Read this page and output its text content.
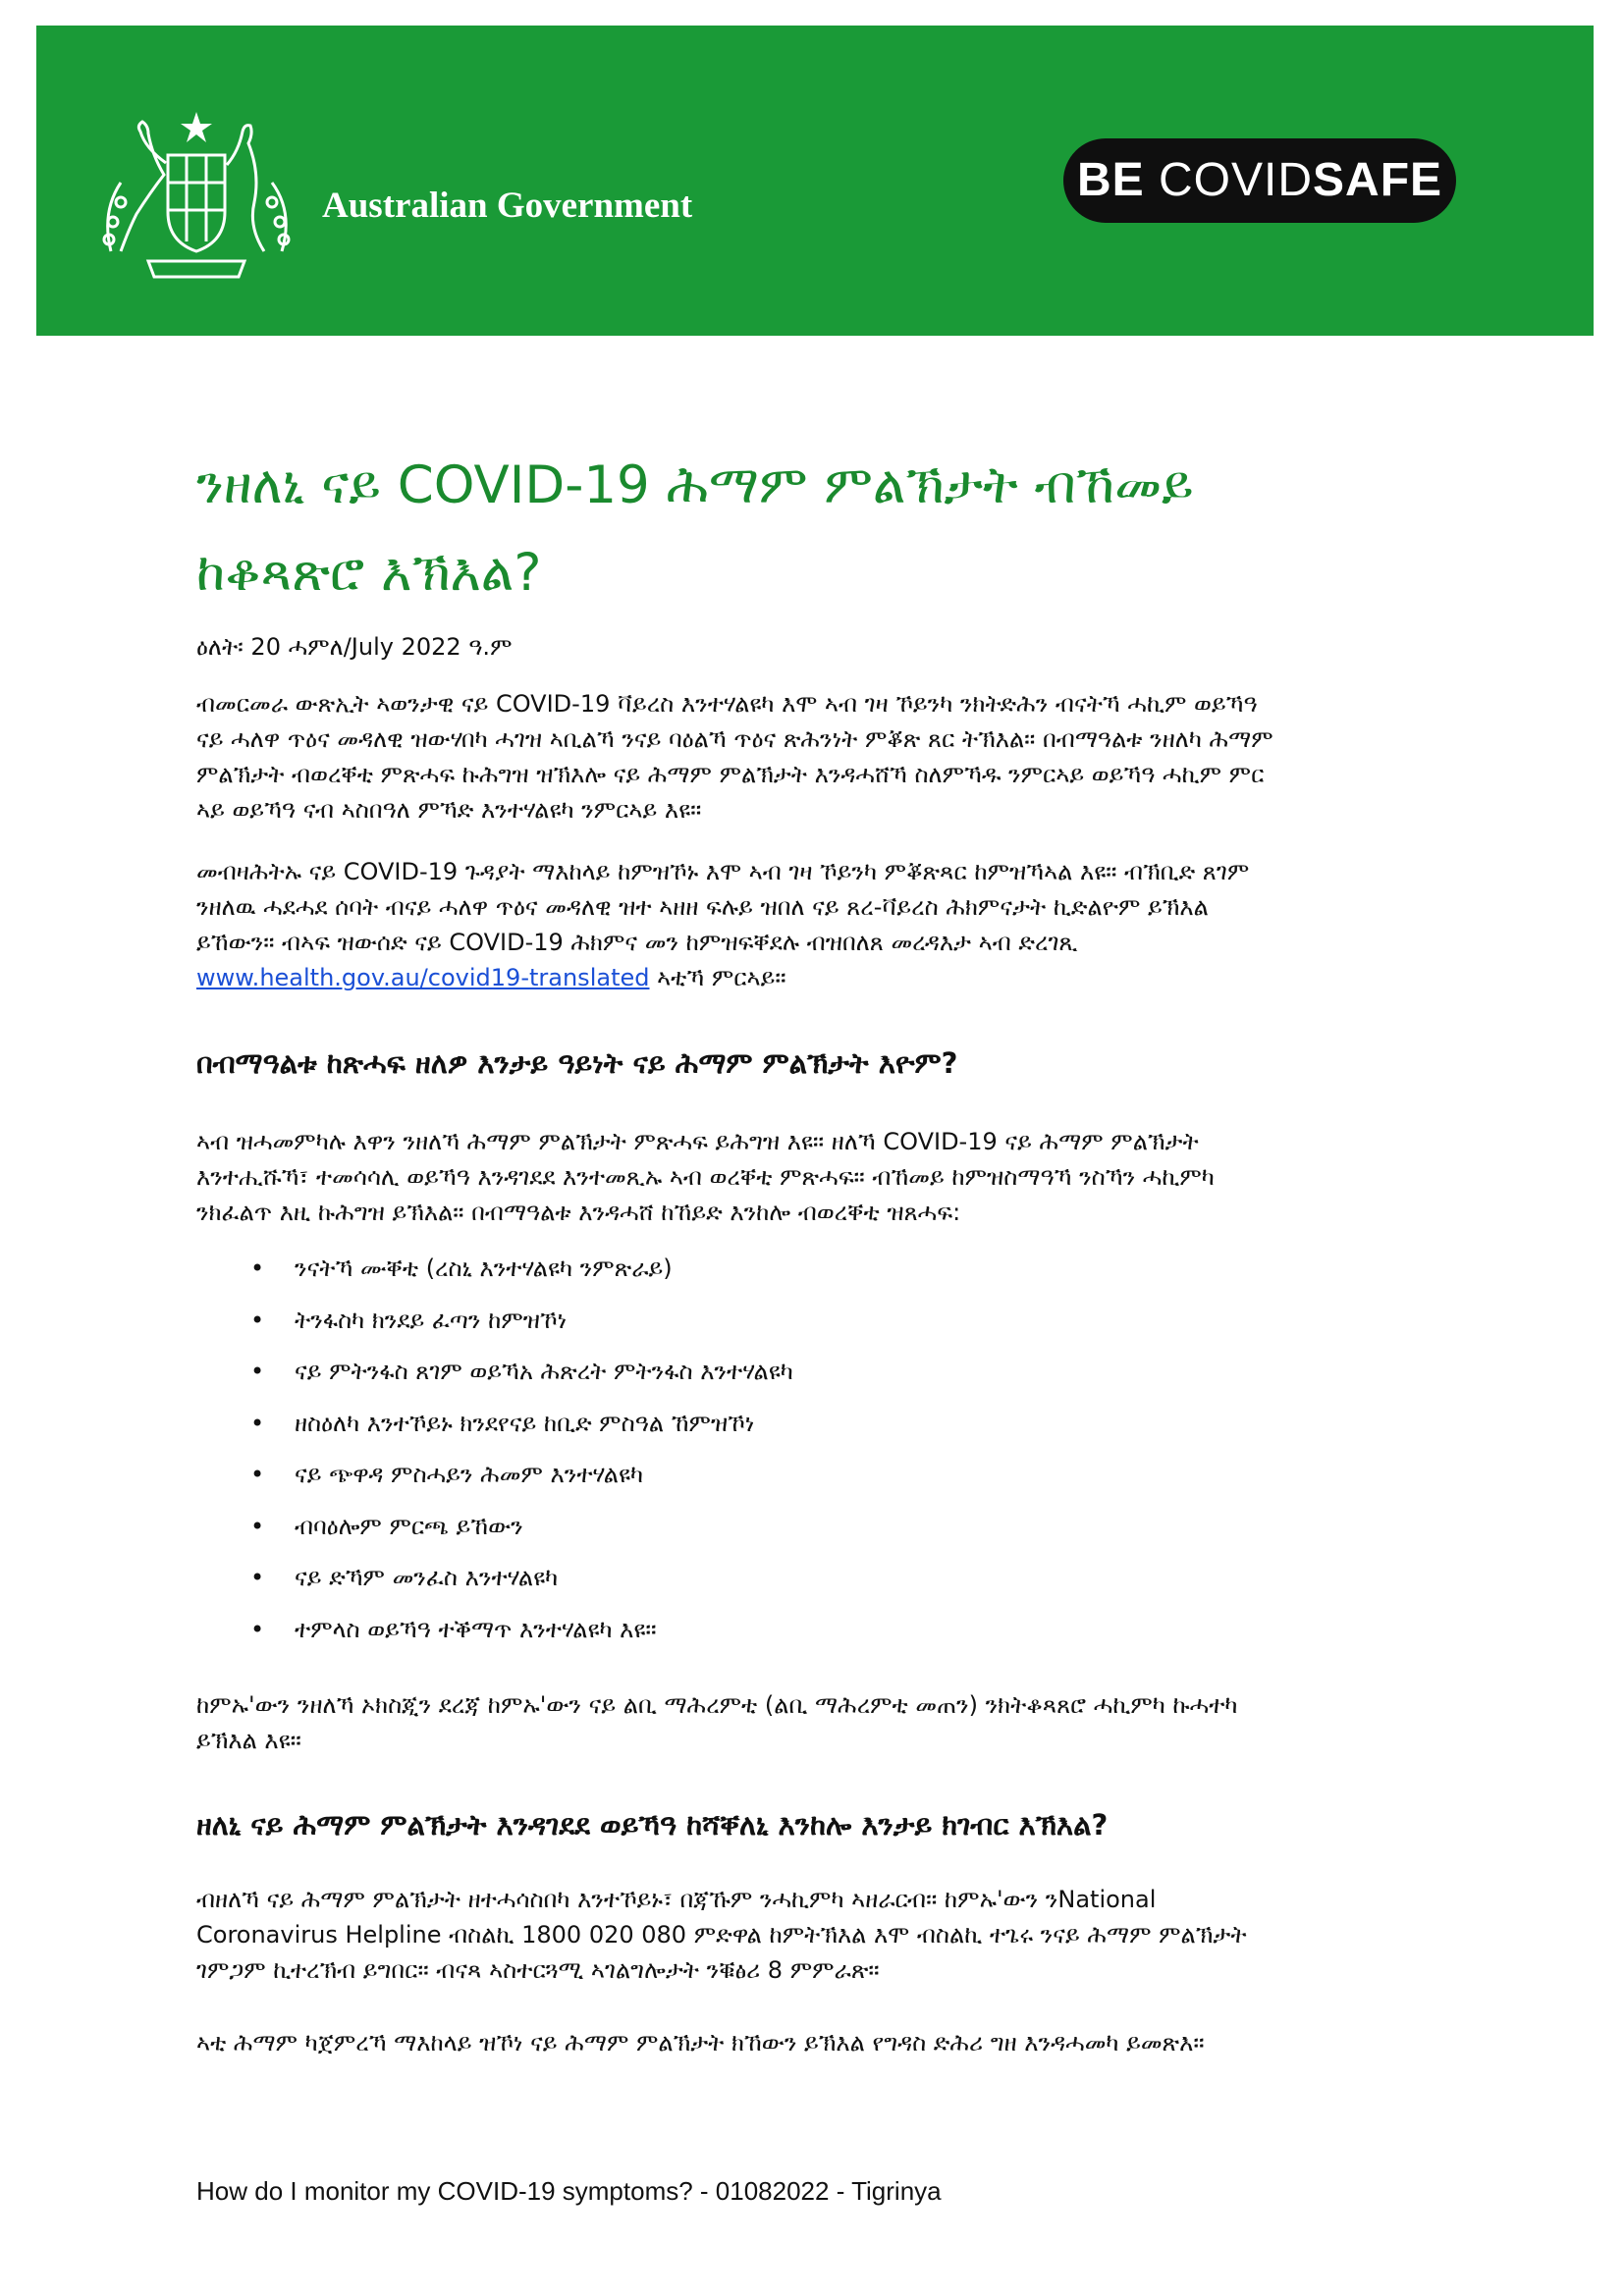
Australian Government	BE COVIDSAFE
ንዘለኒ ናይ COVID-19 ሕማም ምልኽታት ብኸመይ
ከቆጻጽሮ እኽእል?
ዕለት፡ 20 ሓምለ/July 2022 ዓ.ም
ብመርመራ ውጽኢት ኣወንታዊ ናይ COVID-19 ቫይረስ እንተሃልዩካ እሞ ኣብ ገዛ ኾይንካ ንክትድሕን ብናትኻ ሓኪም ወይኻዓ
ናይ ሓለዋ ጥዕና መዳለዊ ዝውሃበካ ሓገዝ ኣቢልኻ ንናይ ባዕልኻ ጥዕና ጽሕንነት ምቖጽ ጸር ትኽእል። በብማዓልቱ ንዘለካ ሕማም
ምልኽታት ብወረቐቲ ምጽሓፍ ኩሕግዝ ዝኽእሎ ናይ ሕማም ምልኽታት እንዳሓሸኻ ስለምኻዱ ንምርኣይ ወይኻዓ ሓኪም ምር
ኣይ ወይኻዓ ናብ ኣስበዓለ ምኻድ እንተሃልዩካ ንምርኣይ እዩ።
መብዛሕትኡ ናይ COVID-19 ጉዳያት ማእከላይ ከምዝኾኑ እሞ ኣብ ገዛ ኾይንካ ምቖጽጻር ከምዝኻኣል እዩ። ብኽቢድ ጸገም
ንዘለዉ ሓደሓደ ሰባት ብናይ ሓለዋ ጥዕና መዳለዊ ዝተ ኣዘዘ ፍሉይ ዝበለ ናይ ጸረ-ቫይረስ ሕክምናታት ኪድልዮም ይኽእል
ይኸውን። ብኣፍ ዝውሰድ ናይ COVID-19 ሕክምና መን ከምዝፍቐደሉ ብዝበለጸ መረዳእታ ኣብ ድረገጺ
www.health.gov.au/covid19-translated ኣቲኻ ምርኣይ።
በብማዓልቱ ከጽሓፍ ዘለዎ እንታይ ዓይነት ናይ ሕማም ምልኽታት እዮም?
ኣብ ዝሓመምካሉ እዋን ንዘለኻ ሕማም ምልኽታት ምጽሓፍ ይሕግዝ እዩ። ዘለኻ COVID-19 ናይ ሕማም ምልኽታት
እንተሒሹኻ፣ ተመሳሳሊ ወይኻዓ እንዳገደደ እንተመጺኡ ኣብ ወረቐቲ ምጽሓፍ። ብኸመይ ከምዝስማዓኻ ንስኻን ሓኪምካ
ንክፈልጥ እዚ ኩሕግዝ ይኽእል። በብማዓልቱ እንዳሓሸ ከኸይድ እንከሎ ብወረቐቲ ዝጸሓፍ:
• ንናትኻ ሙቐቲ (ረስኒ እንተሃልዩካ ንምጽራይ)
• ትንፋስካ ክንደይ ፈጣን ከምዝኾነ
• ናይ ምትንፋስ ጸገም ወይኻአ ሕጽረት ምትንፋስ እንተሃልዩካ
• ዘስዕለካ እንተኾይኑ ክንደየናይ ከቢድ ምስዓል ኸምዝኾነ
• ናይ ጭዋዳ ምስሓይን ሕመም እንተሃልዩካ
• ብባዕሎም ምርጫ ይኸውን
• ናይ ድኻም መንፈስ እንተሃልዩካ
• ተምላስ ወይኻዓ ተቕማጥ እንተሃልዩካ እዩ።
ከምኡ'ውን ንዘለኻ ኦክስጂን ደረጃ ከምኡ'ውን ናይ ልቢ ማሕረምቲ (ልቢ ማሕረምቲ መጠን) ንክትቆጻጸሮ ሓኪምካ ኩሓተካ
ይኽእል እዩ።
ዘለኒ ናይ ሕማም ምልኽታት እንዳገደደ ወይኻዓ ከሻቐለኒ እንከሎ እንታይ ክገብር እኽእል?
ብዘለኻ ናይ ሕማም ምልኽታት ዘተሓሳስበካ እንተኾይኑ፣ በጃኹም ንሓኪምካ ኣዘራርብ። ከምኡ'ውን ንNational
Coronavirus Helpline ብስልኪ 1800 020 080 ምድዋል ከምትኽእል እሞ ብስልኪ ተጌሩ ንናይ ሕማም ምልኽታት
ገምጋም ኪተረኽብ ይግበር። ብናጻ ኣስተርጓሚ ኣገልግሎታት ንቑፅሪ 8 ምምራጽ።
ኣቲ ሕማም ካጀምረኻ ማእከላይ ዝኾነ ናይ ሕማም ምልኽታት ክኸውን ይኽእል የግዳስ ድሕሪ ግዘ እንዳሓመካ ይመጽእ።
How do I monitor my COVID-19 symptoms? - 01082022 - Tigrinya
